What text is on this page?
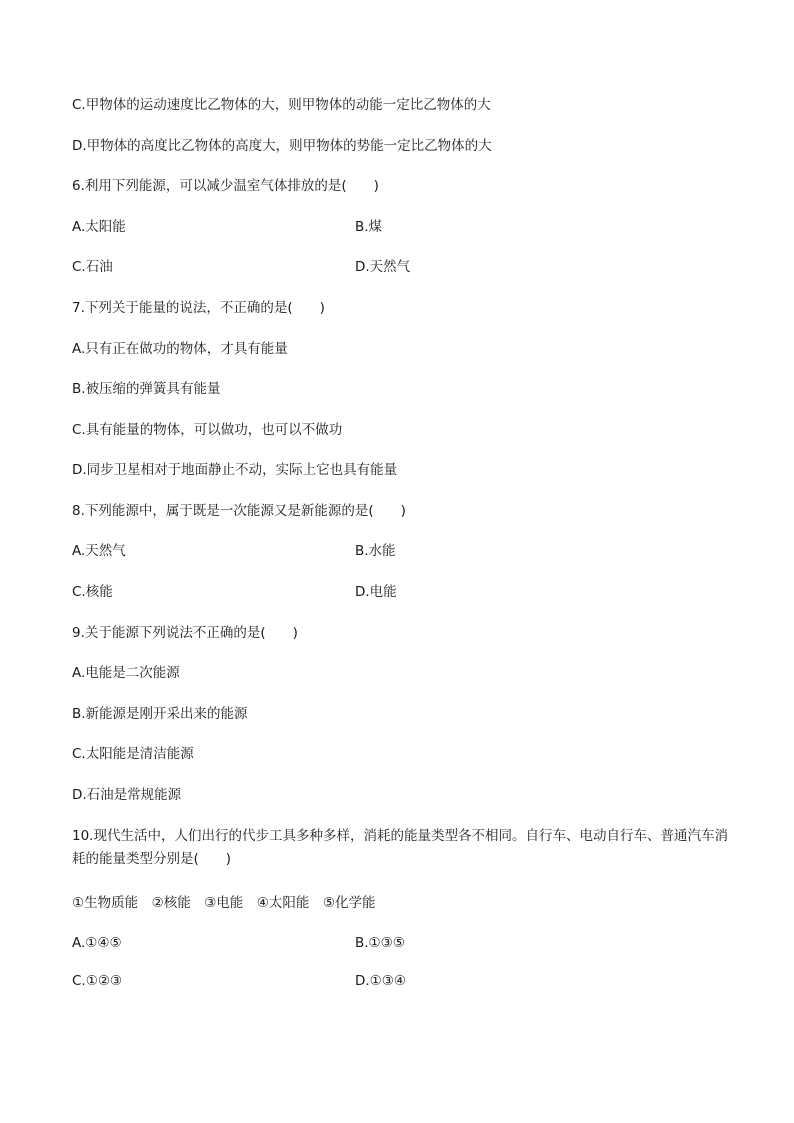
C.甲物体的运动速度比乙物体的大，则甲物体的动能一定比乙物体的大
D.甲物体的高度比乙物体的高度大，则甲物体的势能一定比乙物体的大
6.利用下列能源，可以减少温室气体排放的是(　　)
A.太阳能	B.煤
C.石油	D.天然气
7.下列关于能量的说法，不正确的是(　　)
A.只有正在做功的物体，才具有能量
B.被压缩的弹簧具有能量
C.具有能量的物体，可以做功，也可以不做功
D.同步卫星相对于地面静止不动，实际上它也具有能量
8.下列能源中，属于既是一次能源又是新能源的是(　　)
A.天然气	B.水能
C.核能	D.电能
9.关于能源下列说法不正确的是(　　)
A.电能是二次能源
B.新能源是刚开采出来的能源
C.太阳能是清洁能源
D.石油是常规能源
10.现代生活中，人们出行的代步工具多种多样，消耗的能量类型各不相同。自行车、电动自行车、普通汽车消耗的能量类型分别是(　　)
①生物质能　②核能　③电能　④太阳能　⑤化学能
A.①④⑤	B.①③⑤
C.①②③	D.①③④
